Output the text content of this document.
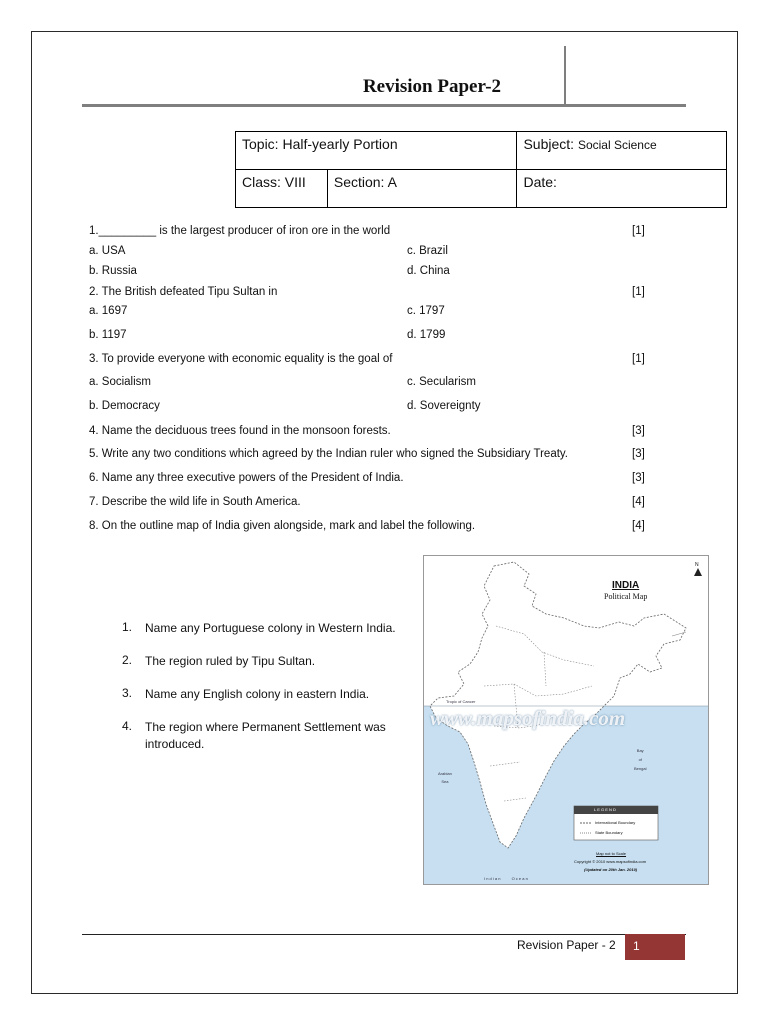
Revision Paper-2
Topic: Half-yearly Portion		Subject: Social Science
Class: VIII	Section: A	Date:
1._________ is the largest producer of iron ore in the world	[1]
a. USA	c. Brazil
b. Russia	d. China
2. The British defeated Tipu Sultan in	[1]
a. 1697	c. 1797
b. 1197	d. 1799
3. To provide everyone with economic equality is the goal of	[1]
a. Socialism	c. Secularism
b. Democracy	d. Sovereignty
4. Name the deciduous trees found in the monsoon forests.	[3]
5. Write any two conditions which agreed by the Indian ruler who signed the Subsidiary Treaty.	[3]
6. Name any three executive powers of the President of India.	[3]
7. Describe the wild life in South America.	[4]
8. On the outline map of India given alongside, mark and label the following.	[4]
1. Name any Portuguese colony in Western India.
2. The region ruled by Tipu Sultan.
3. Name any English colony in eastern India.
4. The region where Permanent Settlement was introduced.
INDIA
Political Map
N
Tropic of Cancer
www.mapsofindia.com
Bay
of
Bengal
Arabian
Sea
I n d i a n          O c e a n
L E G E N D
International Boundary
State Boundary
Map not to Scale
Copyright © 2010 www.mapsofindia.com
(Updated on 20th Jan. 2010)
Revision Paper - 2	1
